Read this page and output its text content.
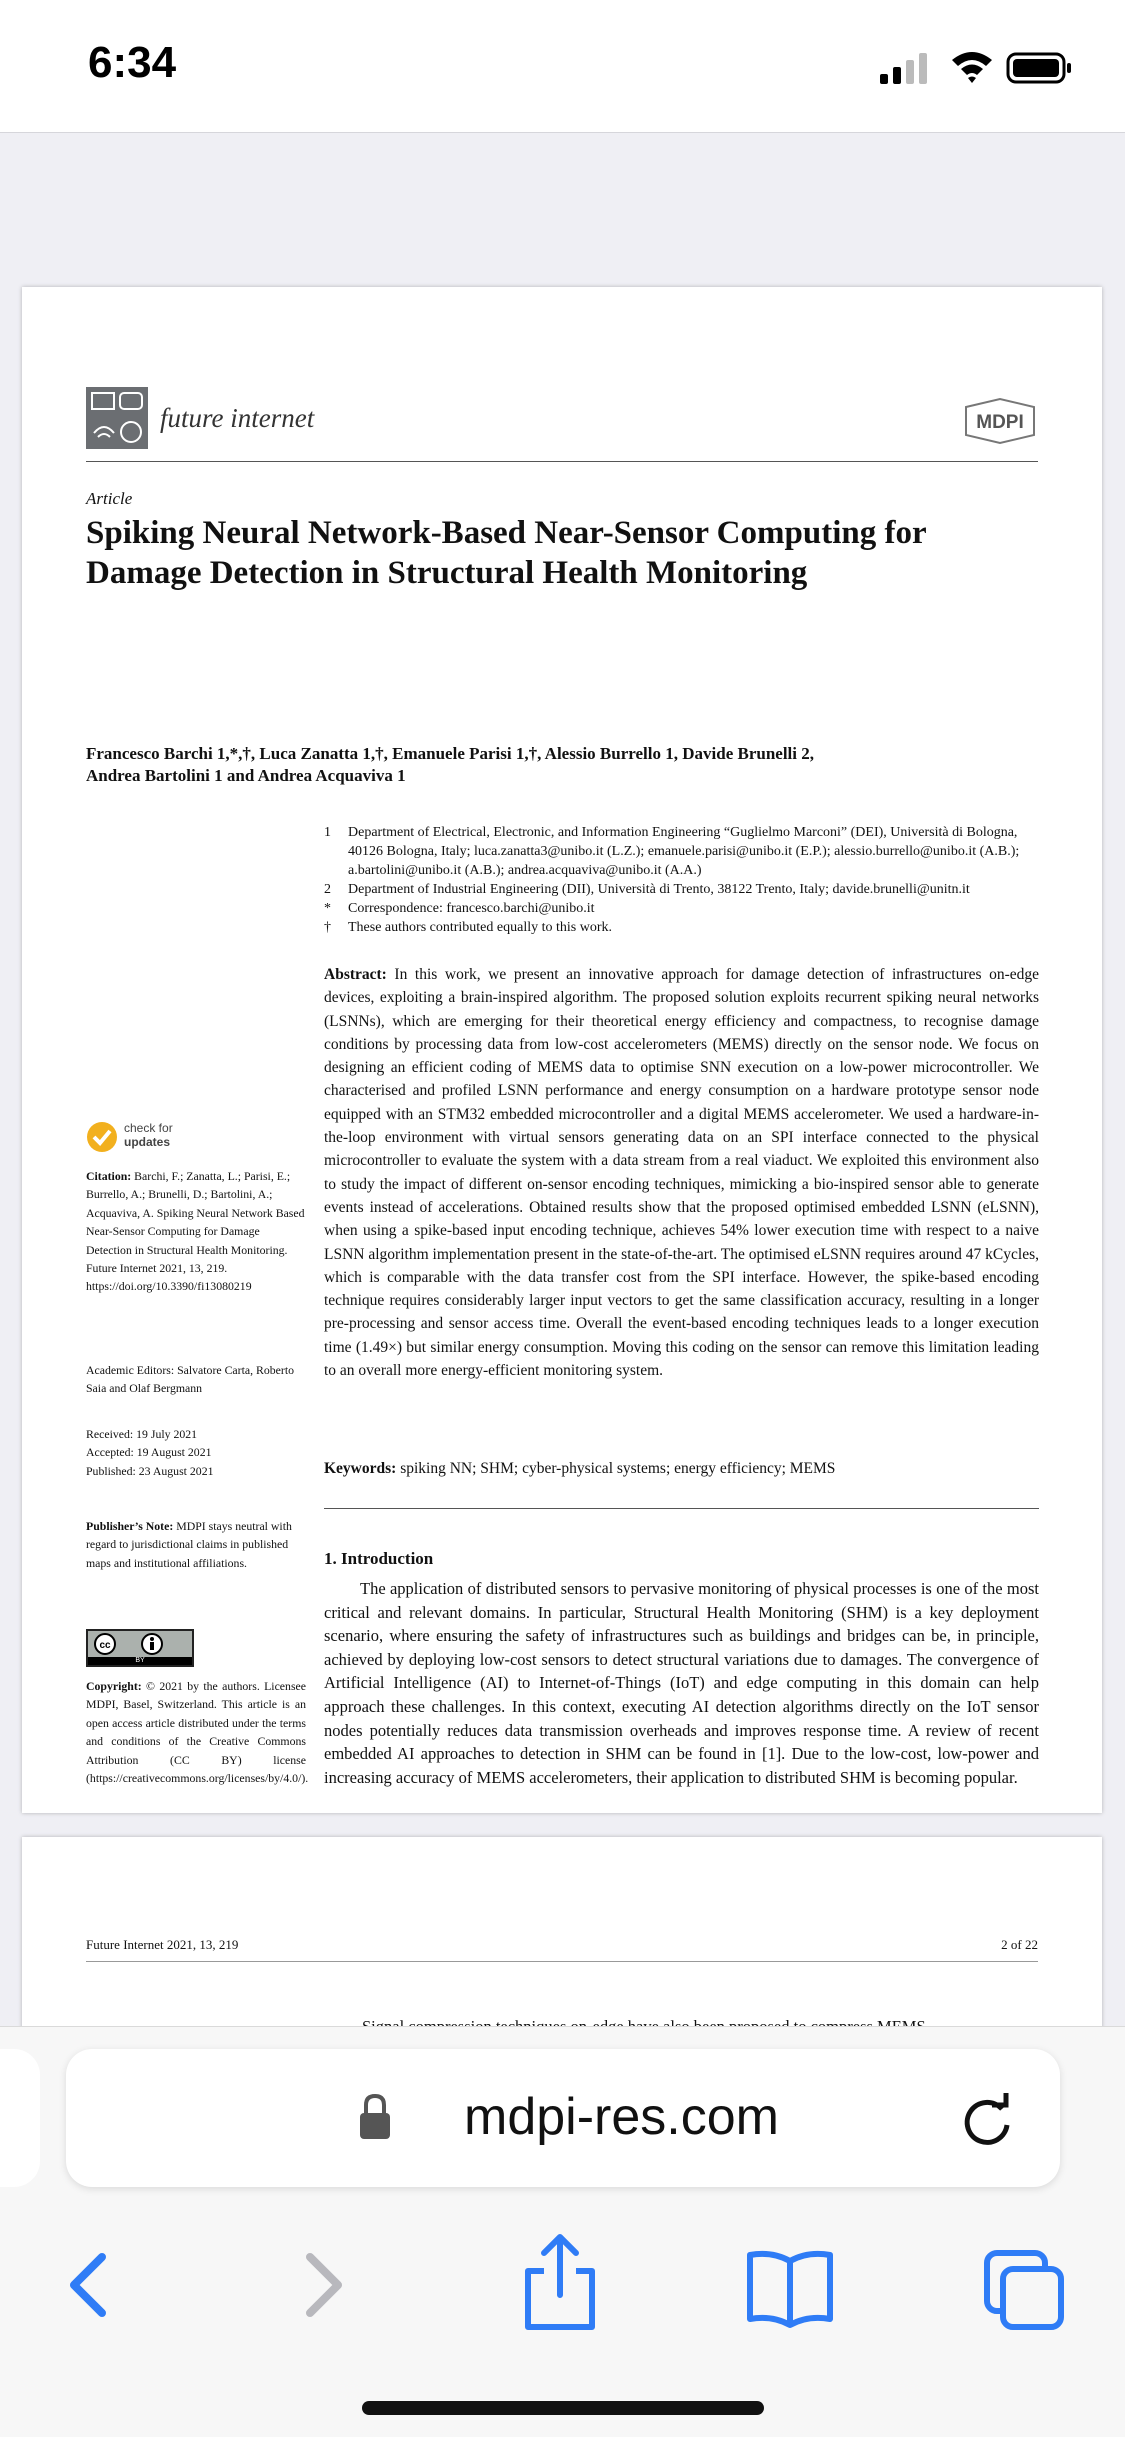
6:34
future internet	MDPI
Article
Spiking Neural Network-Based Near-Sensor Computing for
Damage Detection in Structural Health Monitoring
Francesco Barchi 1,*,†, Luca Zanatta 1,†, Emanuele Parisi 1,†, Alessio Burrello 1, Davide Brunelli 2,
Andrea Bartolini 1 and Andrea Acquaviva 1
1 Department of Electrical, Electronic, and Information Engineering “Guglielmo Marconi” (DEI), Università di Bologna, 40126 Bologna, Italy; luca.zanatta3@unibo.it (L.Z.); emanuele.parisi@unibo.it (E.P.); alessio.burrello@unibo.it (A.B.); a.bartolini@unibo.it (A.B.); andrea.acquaviva@unibo.it (A.A.)
2 Department of Industrial Engineering (DII), Università di Trento, 38122 Trento, Italy; davide.brunelli@unitn.it
* Correspondence: francesco.barchi@unibo.it
† These authors contributed equally to this work.
Abstract: In this work, we present an innovative approach for damage detection of infrastructures on-edge devices, exploiting a brain-inspired algorithm. The proposed solution exploits recurrent spiking neural networks (LSNNs), which are emerging for their theoretical energy efficiency and compactness, to recognise damage conditions by processing data from low-cost accelerometers (MEMS) directly on the sensor node. We focus on designing an efficient coding of MEMS data to optimise SNN execution on a low-power microcontroller. We characterised and profiled LSNN performance and energy consumption on a hardware prototype sensor node equipped with an STM32 embedded microcontroller and a digital MEMS accelerometer. We used a hardware-in-the-loop environment with virtual sensors generating data on an SPI interface connected to the physical microcontroller to evaluate the system with a data stream from a real viaduct. We exploited this environment also to study the impact of different on-sensor encoding techniques, mimicking a bio-inspired sensor able to generate events instead of accelerations. Obtained results show that the proposed optimised embedded LSNN (eLSNN), when using a spike-based input encoding technique, achieves 54% lower execution time with respect to a naive LSNN algorithm implementation present in the state-of-the-art. The optimised eLSNN requires around 47 kCycles, which is comparable with the data transfer cost from the SPI interface. However, the spike-based encoding technique requires considerably larger input vectors to get the same classification accuracy, resulting in a longer pre-processing and sensor access time. Overall the event-based encoding techniques leads to a longer execution time (1.49×) but similar energy consumption. Moving this coding on the sensor can remove this limitation leading to an overall more energy-efficient monitoring system.
Keywords: spiking NN; SHM; cyber-physical systems; energy efficiency; MEMS
1. Introduction
The application of distributed sensors to pervasive monitoring of physical processes is one of the most critical and relevant domains. In particular, Structural Health Monitoring (SHM) is a key deployment scenario, where ensuring the safety of infrastructures such as buildings and bridges can be, in principle, achieved by deploying low-cost sensors to detect structural variations due to damages. The convergence of Artificial Intelligence (AI) to Internet-of-Things (IoT) and edge computing in this domain can help approach these challenges. In this context, executing AI detection algorithms directly on the IoT sensor nodes potentially reduces data transmission overheads and improves response time. A review of recent embedded AI approaches to detection in SHM can be found in [1]. Due to the low-cost, low-power and increasing accuracy of MEMS accelerometers, their application to distributed SHM is becoming popular.
check for
updates
Citation: Barchi, F.; Zanatta, L.; Parisi, E.; Burrello, A.; Brunelli, D.; Bartolini, A.; Acquaviva, A. Spiking Neural Network Based Near-Sensor Computing for Damage Detection in Structural Health Monitoring. Future Internet 2021, 13, 219. https://doi.org/10.3390/fi13080219
Academic Editors: Salvatore Carta, Roberto Saia and Olaf Bergmann
Received: 19 July 2021
Accepted: 19 August 2021
Published: 23 August 2021
Publisher’s Note: MDPI stays neutral with regard to jurisdictional claims in published maps and institutional affiliations.
cc
BY
Copyright: © 2021 by the authors. Licensee MDPI, Basel, Switzerland. This article is an open access article distributed under the terms and conditions of the Creative Commons Attribution (CC BY) license (https://creativecommons.org/licenses/by/4.0/).
Future Internet 2021, 13, 219	2 of 22
mdpi-res.com
